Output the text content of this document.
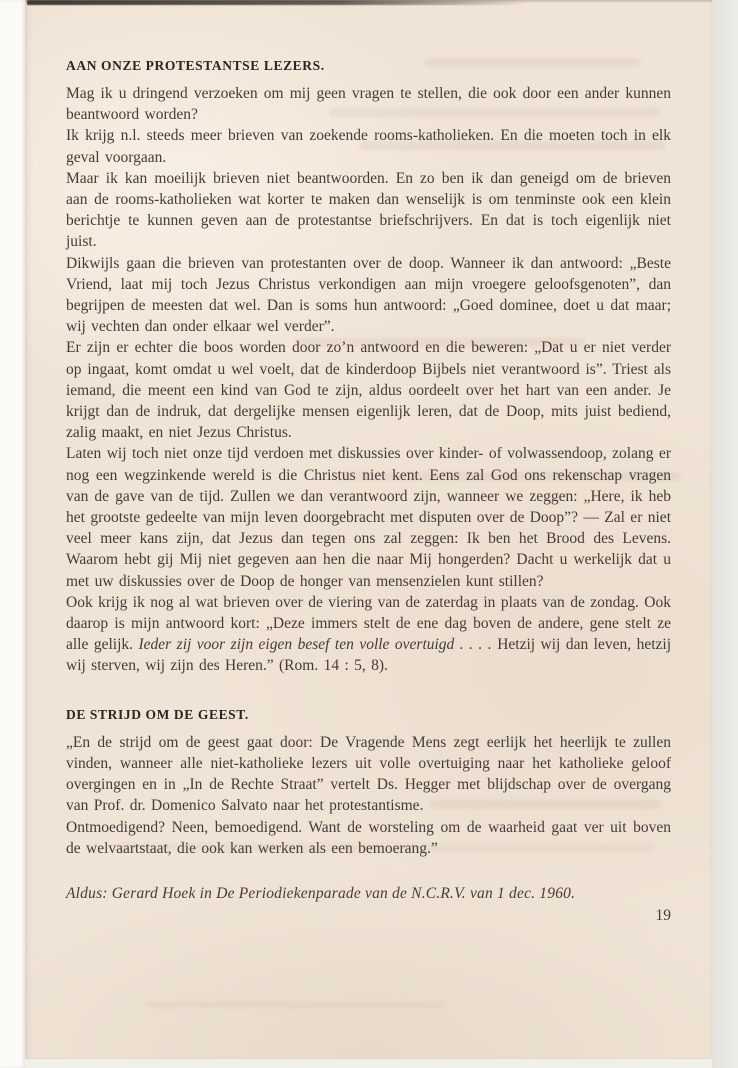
AAN ONZE PROTESTANTSE LEZERS.

Mag ik u dringend verzoeken om mij geen vragen te stellen, die ook door een ander kunnen beantwoord worden?

Ik krijg n.l. steeds meer brieven van zoekende rooms-katholieken. En die moeten toch in elk geval voorgaan.

Maar ik kan moeilijk brieven niet beantwoorden. En zo ben ik dan geneigd om de brieven aan de rooms-katholieken wat korter te maken dan wenselijk is om tenminste ook een klein berichtje te kunnen geven aan de protestantse briefschrijvers. En dat is toch eigenlijk niet juist.

Dikwijls gaan die brieven van protestanten over de doop. Wanneer ik dan antwoord: „Beste Vriend, laat mij toch Jezus Christus verkondigen aan mijn vroegere geloofsgenoten”, dan begrijpen de meesten dat wel. Dan is soms hun antwoord: „Goed dominee, doet u dat maar; wij vechten dan onder elkaar wel verder”.

Er zijn er echter die boos worden door zo’n antwoord en die beweren: „Dat u er niet verder op ingaat, komt omdat u wel voelt, dat de kinderdoop Bijbels niet verantwoord is”. Triest als iemand, die meent een kind van God te zijn, aldus oordeelt over het hart van een ander. Je krijgt dan de indruk, dat dergelijke mensen eigenlijk leren, dat de Doop, mits juist bediend, zalig maakt, en niet Jezus Christus.

Laten wij toch niet onze tijd verdoen met diskussies over kinder- of volwassendoop, zolang er nog een wegzinkende wereld is die Christus niet kent. Eens zal God ons rekenschap vragen van de gave van de tijd. Zullen we dan verantwoord zijn, wanneer we zeggen: „Here, ik heb het grootste gedeelte van mijn leven doorgebracht met disputen over de Doop”? — Zal er niet veel meer kans zijn, dat Jezus dan tegen ons zal zeggen: Ik ben het Brood des Levens. Waarom hebt gij Mij niet gegeven aan hen die naar Mij hongerden? Dacht u werkelijk dat u met uw diskussies over de Doop de honger van mensenzielen kunt stillen?

Ook krijg ik nog al wat brieven over de viering van de zaterdag in plaats van de zondag. Ook daarop is mijn antwoord kort: „Deze immers stelt de ene dag boven de andere, gene stelt ze alle gelijk. Ieder zij voor zijn eigen besef ten volle overtuigd . . . . Hetzij wij dan leven, hetzij wij sterven, wij zijn des Heren.” (Rom. 14 : 5, 8).

DE STRIJD OM DE GEEST.

„En de strijd om de geest gaat door: De Vragende Mens zegt eerlijk het heerlijk te zullen vinden, wanneer alle niet-katholieke lezers uit volle overtuiging naar het katholieke geloof overgingen en in „In de Rechte Straat” vertelt Ds. Hegger met blijdschap over de overgang van Prof. dr. Domenico Salvato naar het protestantisme.

Ontmoedigend? Neen, bemoedigend. Want de worsteling om de waarheid gaat ver uit boven de welvaartstaat, die ook kan werken als een bemoerang.”

Aldus: Gerard Hoek in De Periodiekenparade van de N.C.R.V. van 1 dec. 1960.

19
